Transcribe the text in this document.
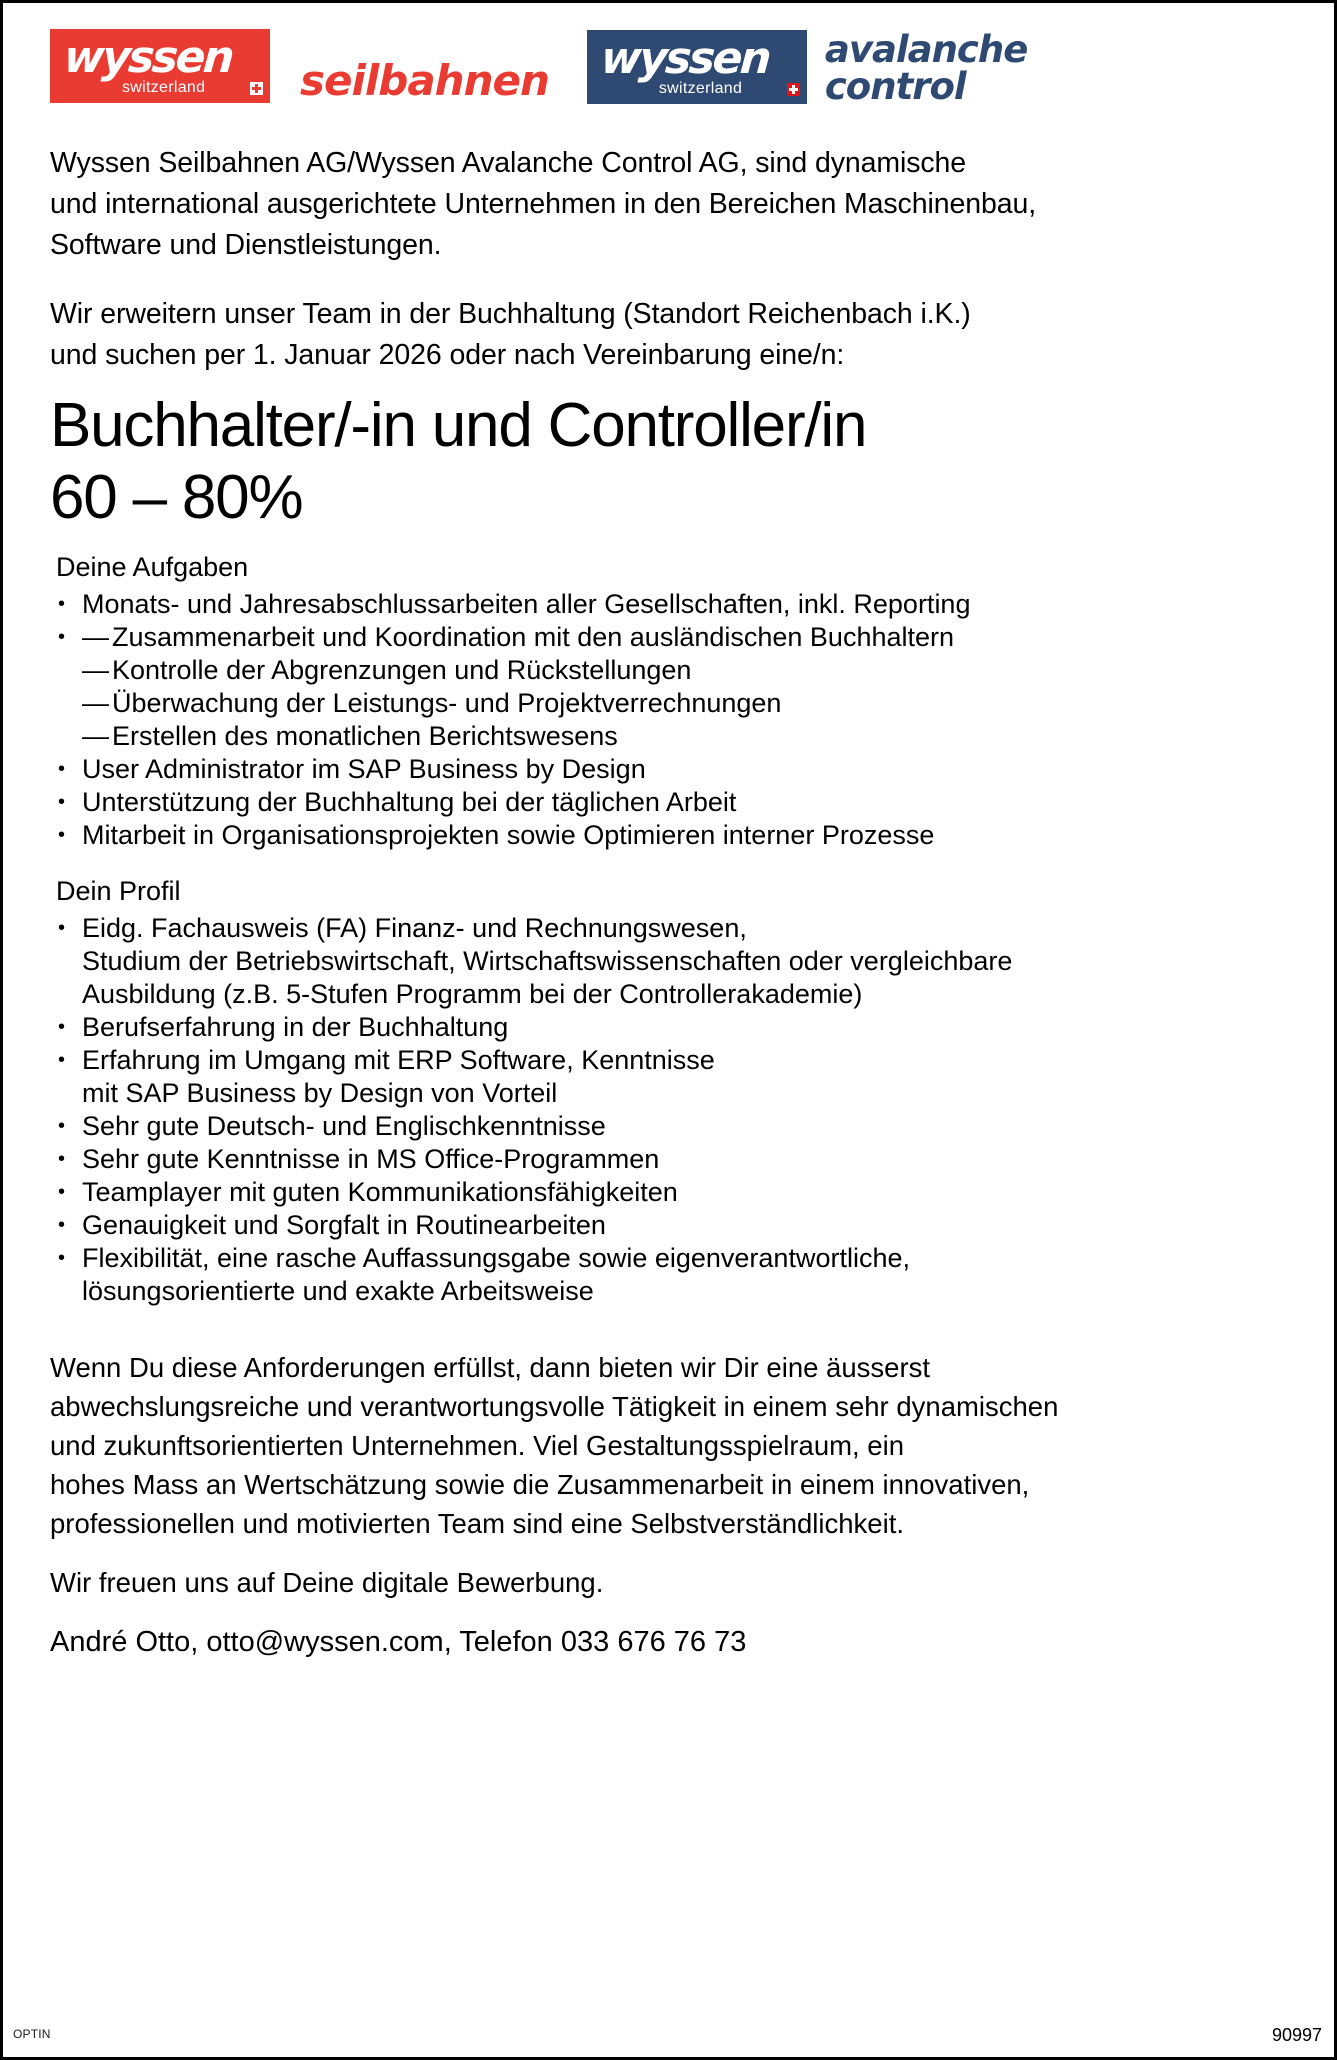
wyssen
switzerland seilbahnen wyssen
switzerland
avalanche
control

Wyssen Seilbahnen AG/Wyssen Avalanche Control AG, sind dynamische
und international ausgerichtete Unternehmen in den Bereichen Maschinenbau,
Software und Dienstleistungen.

Wir erweitern unser Team in der Buchhaltung (Standort Reichenbach i.K.)
und suchen per 1. Januar 2026 oder nach Vereinbarung eine/n:

Buchhalter/-in und Controller/in
60 – 80%
Deine Aufgaben
• Monats- und Jahresabschlussarbeiten aller Gesellschaften, inkl. Reporting
— • Zusammenarbeit und Koordination mit den ausländischen Buchhaltern
— Kontrolle der Abgrenzungen und Rückstellungen
— Überwachung der Leistungs- und Projektverrechnungen
— Erstellen des monatlichen Berichtswesens
• User Administrator im SAP Business by Design
• Unterstützung der Buchhaltung bei der täglichen Arbeit
• Mitarbeit in Organisationsprojekten sowie Optimieren interner Prozesse
Dein Profil
• Eidg. Fachausweis (FA) Finanz- und Rechnungswesen,
Studium der Betriebswirtschaft, Wirtschaftswissenschaften oder vergleichbare
Ausbildung (z.B. 5-Stufen Programm bei der Controllerakademie)
• Berufserfahrung in der Buchhaltung
• Erfahrung im Umgang mit ERP Software, Kenntnisse
mit SAP Business by Design von Vorteil
• Sehr gute Deutsch- und Englischkenntnisse
• Sehr gute Kenntnisse in MS Office-Programmen
• Teamplayer mit guten Kommunikationsfähigkeiten
• Genauigkeit und Sorgfalt in Routinearbeiten
• Flexibilität, eine rasche Auffassungsgabe sowie eigenverantwortliche,
lösungsorientierte und exakte Arbeitsweise

Wenn Du diese Anforderungen erfüllst, dann bieten wir Dir eine äusserst
abwechslungsreiche und verantwortungsvolle Tätigkeit in einem sehr dynamischen
und zukunftsorientierten Unternehmen. Viel Gestaltungsspielraum, ein
hohes Mass an Wertschätzung sowie die Zusammenarbeit in einem innovativen,
professionellen und motivierten Team sind eine Selbstverständlichkeit.

Wir freuen uns auf Deine digitale Bewerbung.

André Otto, otto@wyssen.com, Telefon 033 676 76 73

OPTIN	90997
